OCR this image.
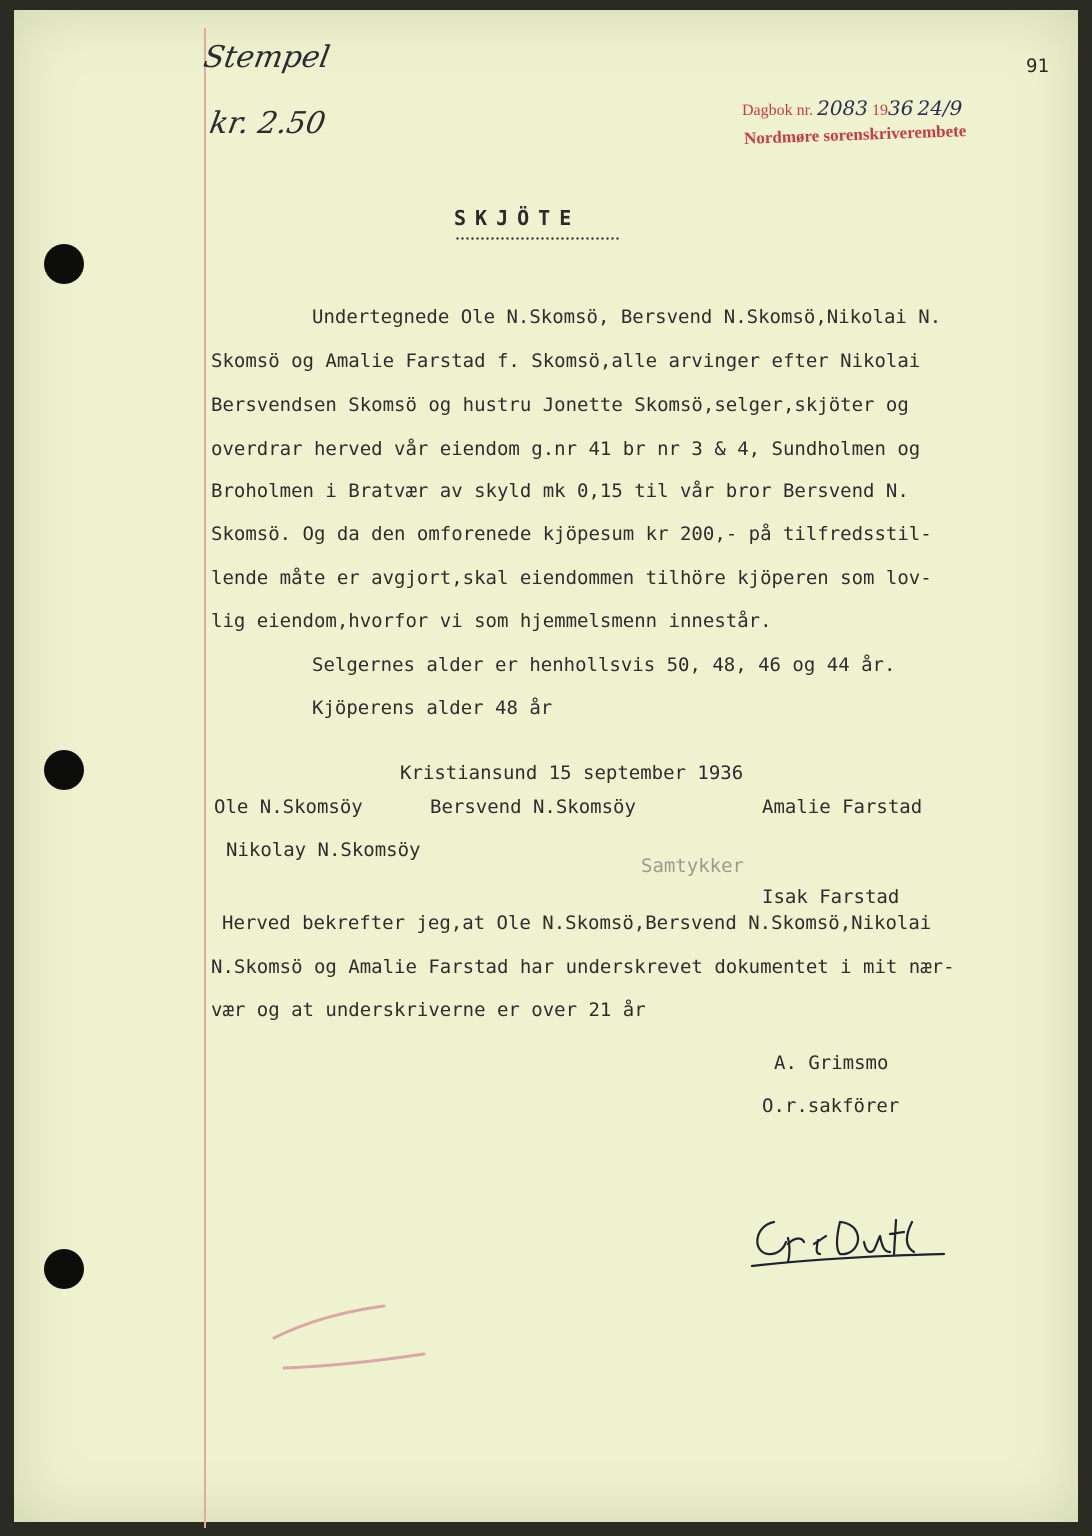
91
Stempel
kr. 2.50	Dagbok nr. 2083 1936 24/9
Nordmøre sorenskriverembete
SKJÖTE
Undertegnede Ole N.Skomsö, Bersvend N.Skomsö,Nikolai N.
Skomsö og Amalie Farstad f. Skomsö,alle arvinger efter Nikolai
Bersvendsen Skomsö og hustru Jonette Skomsö,selger,skjöter og
overdrar herved vår eiendom g.nr 41 br nr 3 & 4, Sundholmen og
Broholmen i Bratvær av skyld mk 0,15 til vår bror Bersvend N.
Skomsö. Og da den omforenede kjöpesum kr 200,- på tilfredsstil-
lende måte er avgjort,skal eiendommen tilhöre kjöperen som lov-
lig eiendom,hvorfor vi som hjemmelsmenn innestår.
Selgernes alder er henhollsvis 50, 48, 46 og 44 år.
Kjöperens alder 48 år
Kristiansund 15 september 1936
Ole N.Skomsöy	Bersvend N.Skomsöy	Amalie Farstad
Nikolay N.Skomsöy
Samtykker
Isak Farstad
Herved bekrefter jeg,at Ole N.Skomsö,Bersvend N.Skomsö,Nikolai
N.Skomsö og Amalie Farstad har underskrevet dokumentet i mit nær-
vær og at underskriverne er over 21 år
A. Grimsmo
O.r.sakförer
